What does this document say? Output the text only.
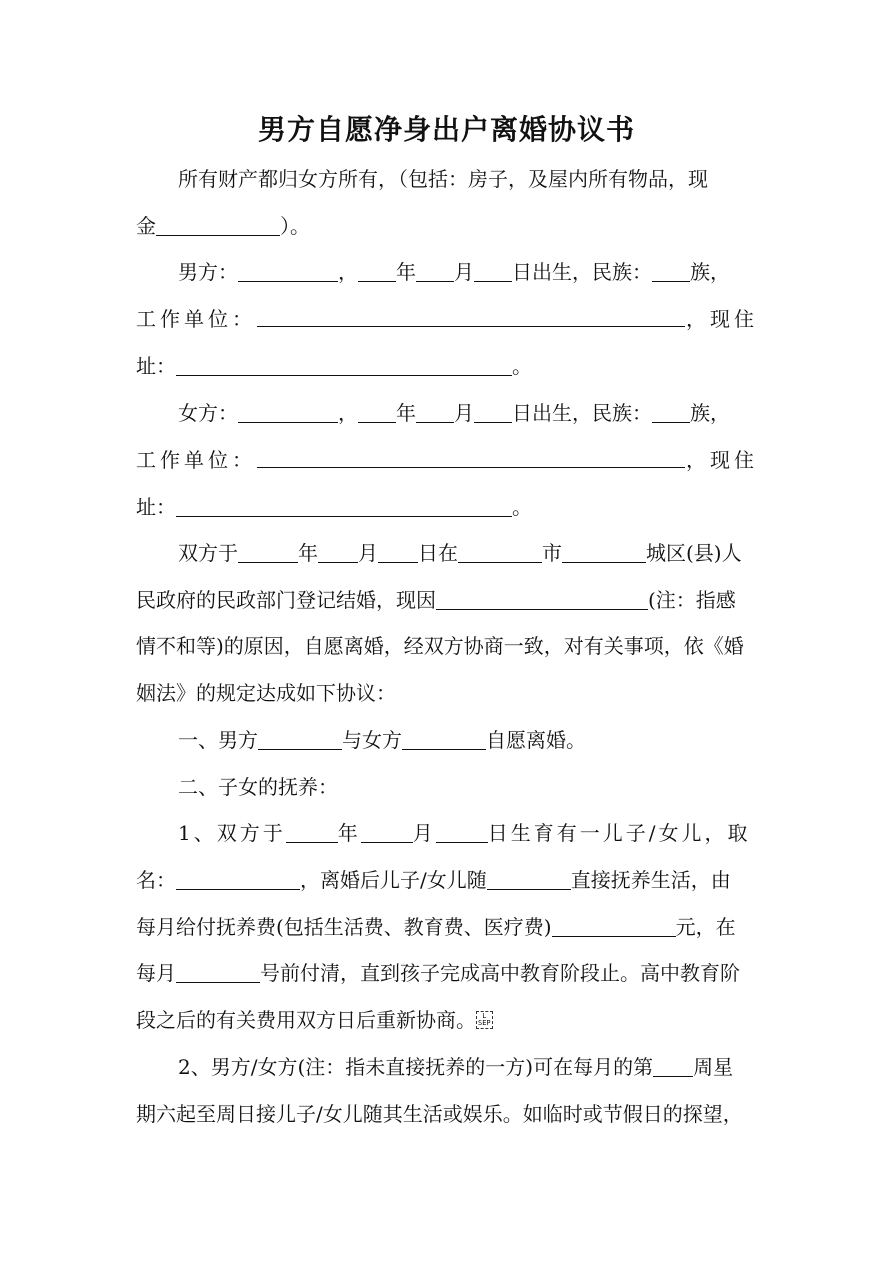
男方自愿净身出户离婚协议书
所有财产都归女方所有，（包括：房子，及屋内所有物品，现
金	）。
男方：	， 年 月 日出生，民族： 族，
工作单位：	，现住
址：	。
女方：	， 年 月 日出生，民族： 族，
工作单位：	，现住
址：	。
双方于	年 月 日在	市	城区(县)人
民政府的民政部门登记结婚，现因	(注：指感
情不和等)的原因，自愿离婚，经双方协商一致，对有关事项，依《婚
姻法》的规定达成如下协议：
一、男方	与女方	自愿离婚。
二、子女的抚养：
1、双方于	年	月	日生育有一儿子/女儿，取
名：	，离婚后儿子/女儿随	直接抚养生活，由
每月给付抚养费(包括生活费、教育费、医疗费)	元，在
每月	号前付清，直到孩子完成高中教育阶段止。高中教育阶
段之后的有关费用双方日后重新协商。 L
SEP
2、男方/女方(注：指未直接抚养的一方)可在每月的第 周星
期六起至周日接儿子/女儿随其生活或娱乐。如临时或节假日的探望，
